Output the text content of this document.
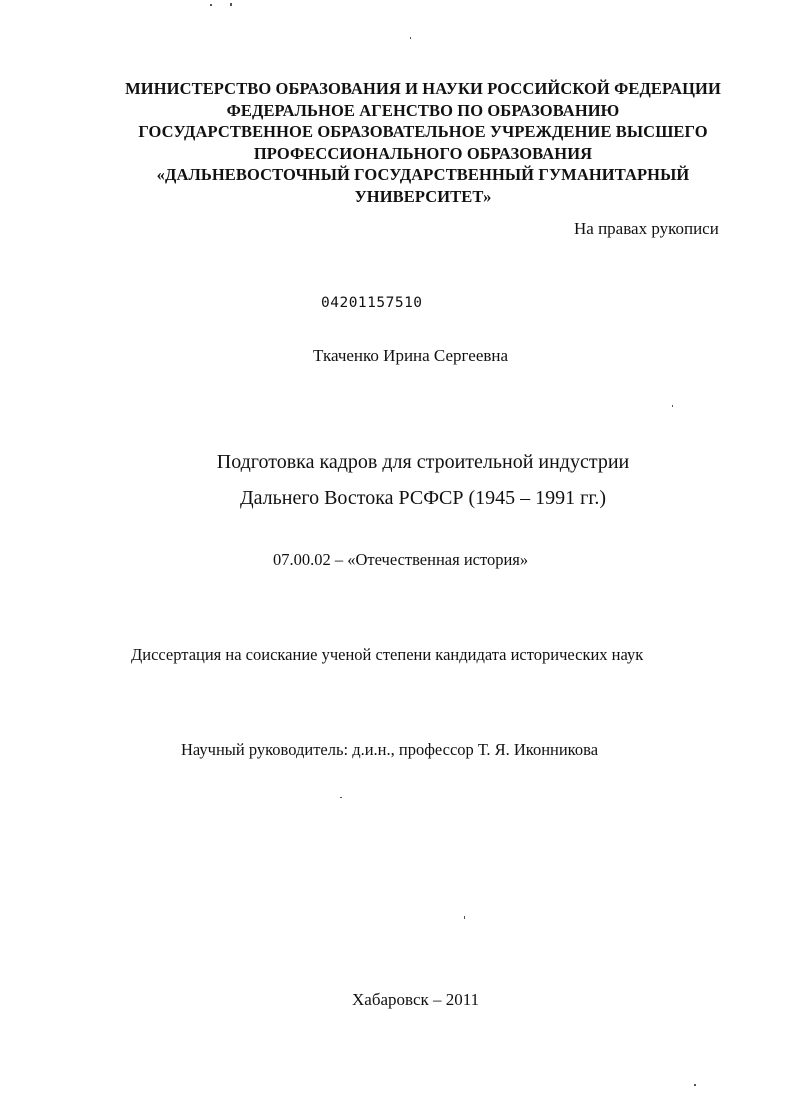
МИНИСТЕРСТВО ОБРАЗОВАНИЯ И НАУКИ РОССИЙСКОЙ ФЕДЕРАЦИИ
ФЕДЕРАЛЬНОЕ АГЕНСТВО ПО ОБРАЗОВАНИЮ
ГОСУДАРСТВЕННОЕ ОБРАЗОВАТЕЛЬНОЕ УЧРЕЖДЕНИЕ ВЫСШЕГО
ПРОФЕССИОНАЛЬНОГО ОБРАЗОВАНИЯ
«ДАЛЬНЕВОСТОЧНЫЙ ГОСУДАРСТВЕННЫЙ ГУМАНИТАРНЫЙ
УНИВЕРСИТЕТ»
На правах рукописи
04201157510
Ткаченко Ирина Сергеевна
Подготовка кадров для строительной индустрии
Дальнего Востока РСФСР (1945 – 1991 гг.)
07.00.02 – «Отечественная история»
Диссертация на соискание ученой степени кандидата исторических наук
Научный руководитель: д.и.н., профессор Т. Я. Иконникова
Хабаровск – 2011
